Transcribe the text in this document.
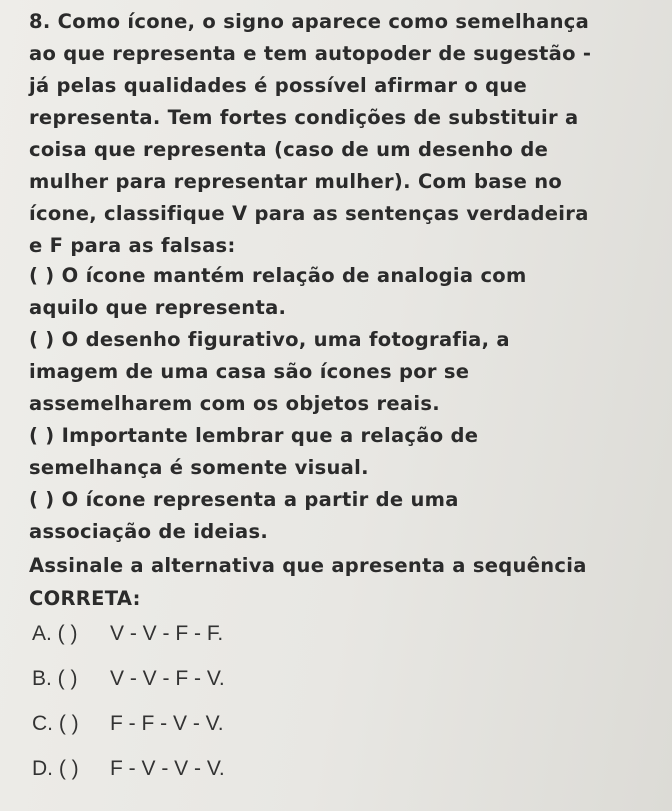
8. Como ícone, o signo aparece como semelhança
ao que representa e tem autopoder de sugestão -
já pelas qualidades é possível afirmar o que
representa. Tem fortes condições de substituir a
coisa que representa (caso de um desenho de
mulher para representar mulher). Com base no
ícone, classifique V para as sentenças verdadeira
e F para as falsas:
( ) O ícone mantém relação de analogia com
aquilo que representa.
( ) O desenho figurativo, uma fotografia, a
imagem de uma casa são ícones por se
assemelharem com os objetos reais.
( ) Importante lembrar que a relação de
semelhança é somente visual.
( ) O ícone representa a partir de uma
associação de ideias.
Assinale a alternativa que apresenta a sequência
CORRETA:
A. ( ) V - V - F - F.
B. ( ) V - V - F - V.
C. ( ) F - F - V - V.
D. ( ) F - V - V - V.
